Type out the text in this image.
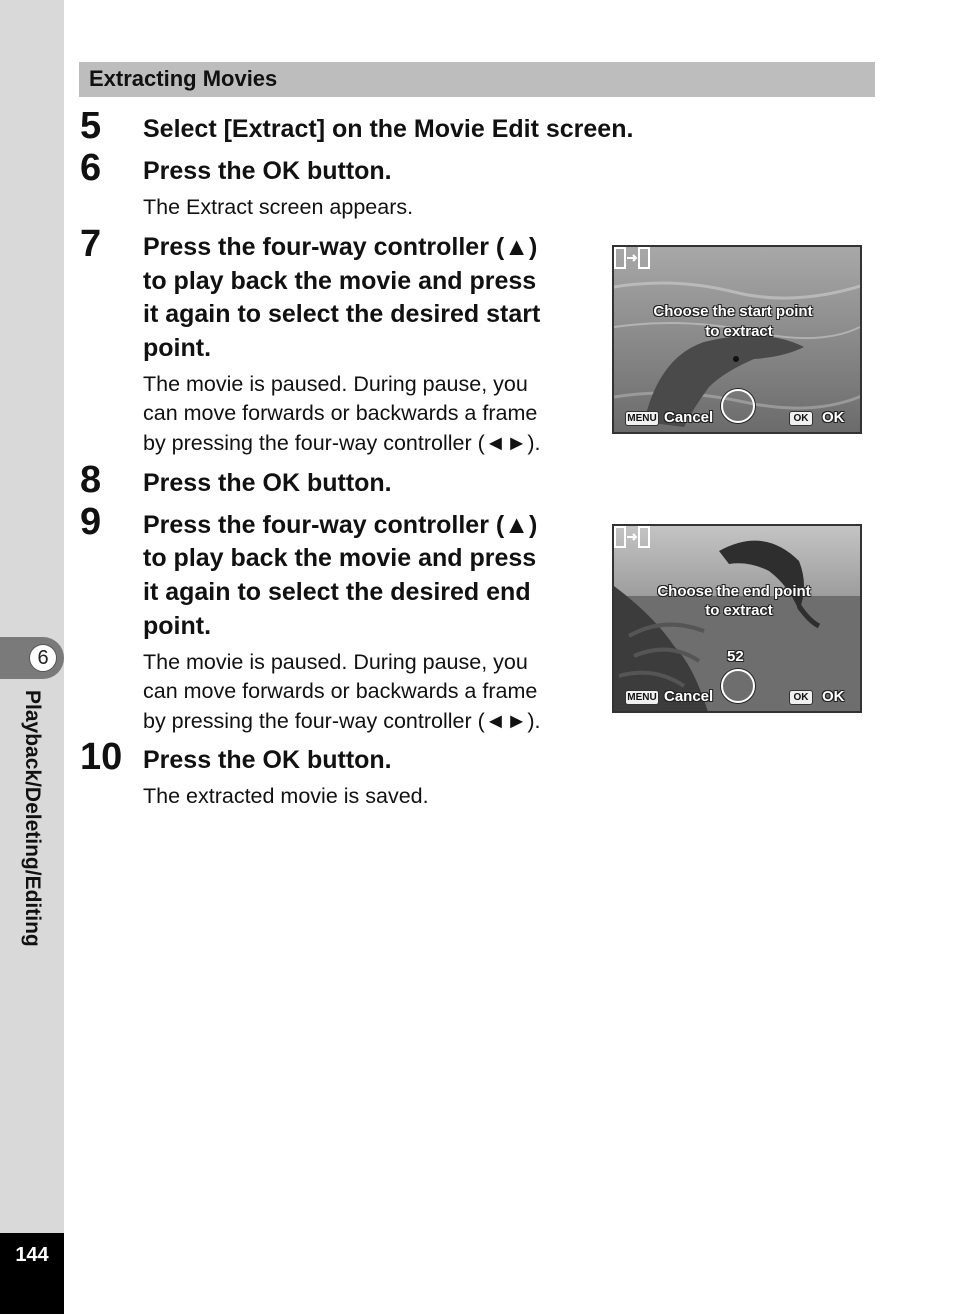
6
Playback/Deleting/Editing
144
Extracting Movies
5 Select [Extract] on the Movie Edit screen.
6 Press the OK button.
The Extract screen appears.
7 Press the four-way controller (▲)
to play back the movie and press
it again to select the desired start
point.
The movie is paused. During pause, you
can move forwards or backwards a frame
by pressing the four-way controller (◄►).
8 Press the OK button.
9 Press the four-way controller (▲)
to play back the movie and press
it again to select the desired end
point.
The movie is paused. During pause, you
can move forwards or backwards a frame
by pressing the four-way controller (◄►).
10 Press the OK button.
The extracted movie is saved.
Choose the start point
to extract
MENU Cancel	OK OK
Choose the end point
to extract
52
MENU Cancel	OK OK
